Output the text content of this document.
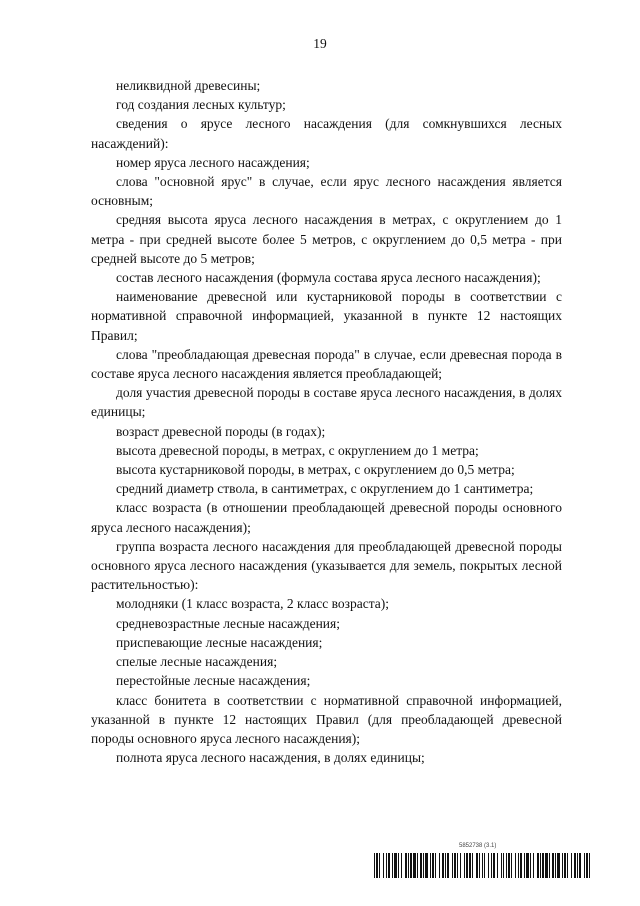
19

неликвидной древесины;

год создания лесных культур;

сведения о ярусе лесного насаждения (для сомкнувшихся лесных насаждений):

номер яруса лесного насаждения;

слова "основной ярус" в случае, если ярус лесного насаждения является основным;

средняя высота яруса лесного насаждения в метрах, с округлением до 1 метра - при средней высоте более 5 метров, с округлением до 0,5 метра - при средней высоте до 5 метров;

состав лесного насаждения (формула состава яруса лесного насаждения);

наименование древесной или кустарниковой породы в соответствии с нормативной справочной информацией, указанной в пункте 12 настоящих Правил;

слова "преобладающая древесная порода" в случае, если древесная порода в составе яруса лесного насаждения является преобладающей;

доля участия древесной породы в составе яруса лесного насаждения, в долях единицы;

возраст древесной породы (в годах);

высота древесной породы, в метрах, с округлением до 1 метра;

высота кустарниковой породы, в метрах, с округлением до 0,5 метра;

средний диаметр ствола, в сантиметрах, с округлением до 1 сантиметра;

класс возраста (в отношении преобладающей древесной породы основного яруса лесного насаждения);

группа возраста лесного насаждения для преобладающей древесной породы основного яруса лесного насаждения (указывается для земель, покрытых лесной растительностью):

молодняки (1 класс возраста, 2 класс возраста);

средневозрастные лесные насаждения;

приспевающие лесные насаждения;

спелые лесные насаждения;

перестойные лесные насаждения;

класс бонитета в соответствии с нормативной справочной информацией, указанной в пункте 12 настоящих Правил (для преобладающей древесной породы основного яруса лесного насаждения);

полнота яруса лесного насаждения, в долях единицы;

5852738 (3.1)
